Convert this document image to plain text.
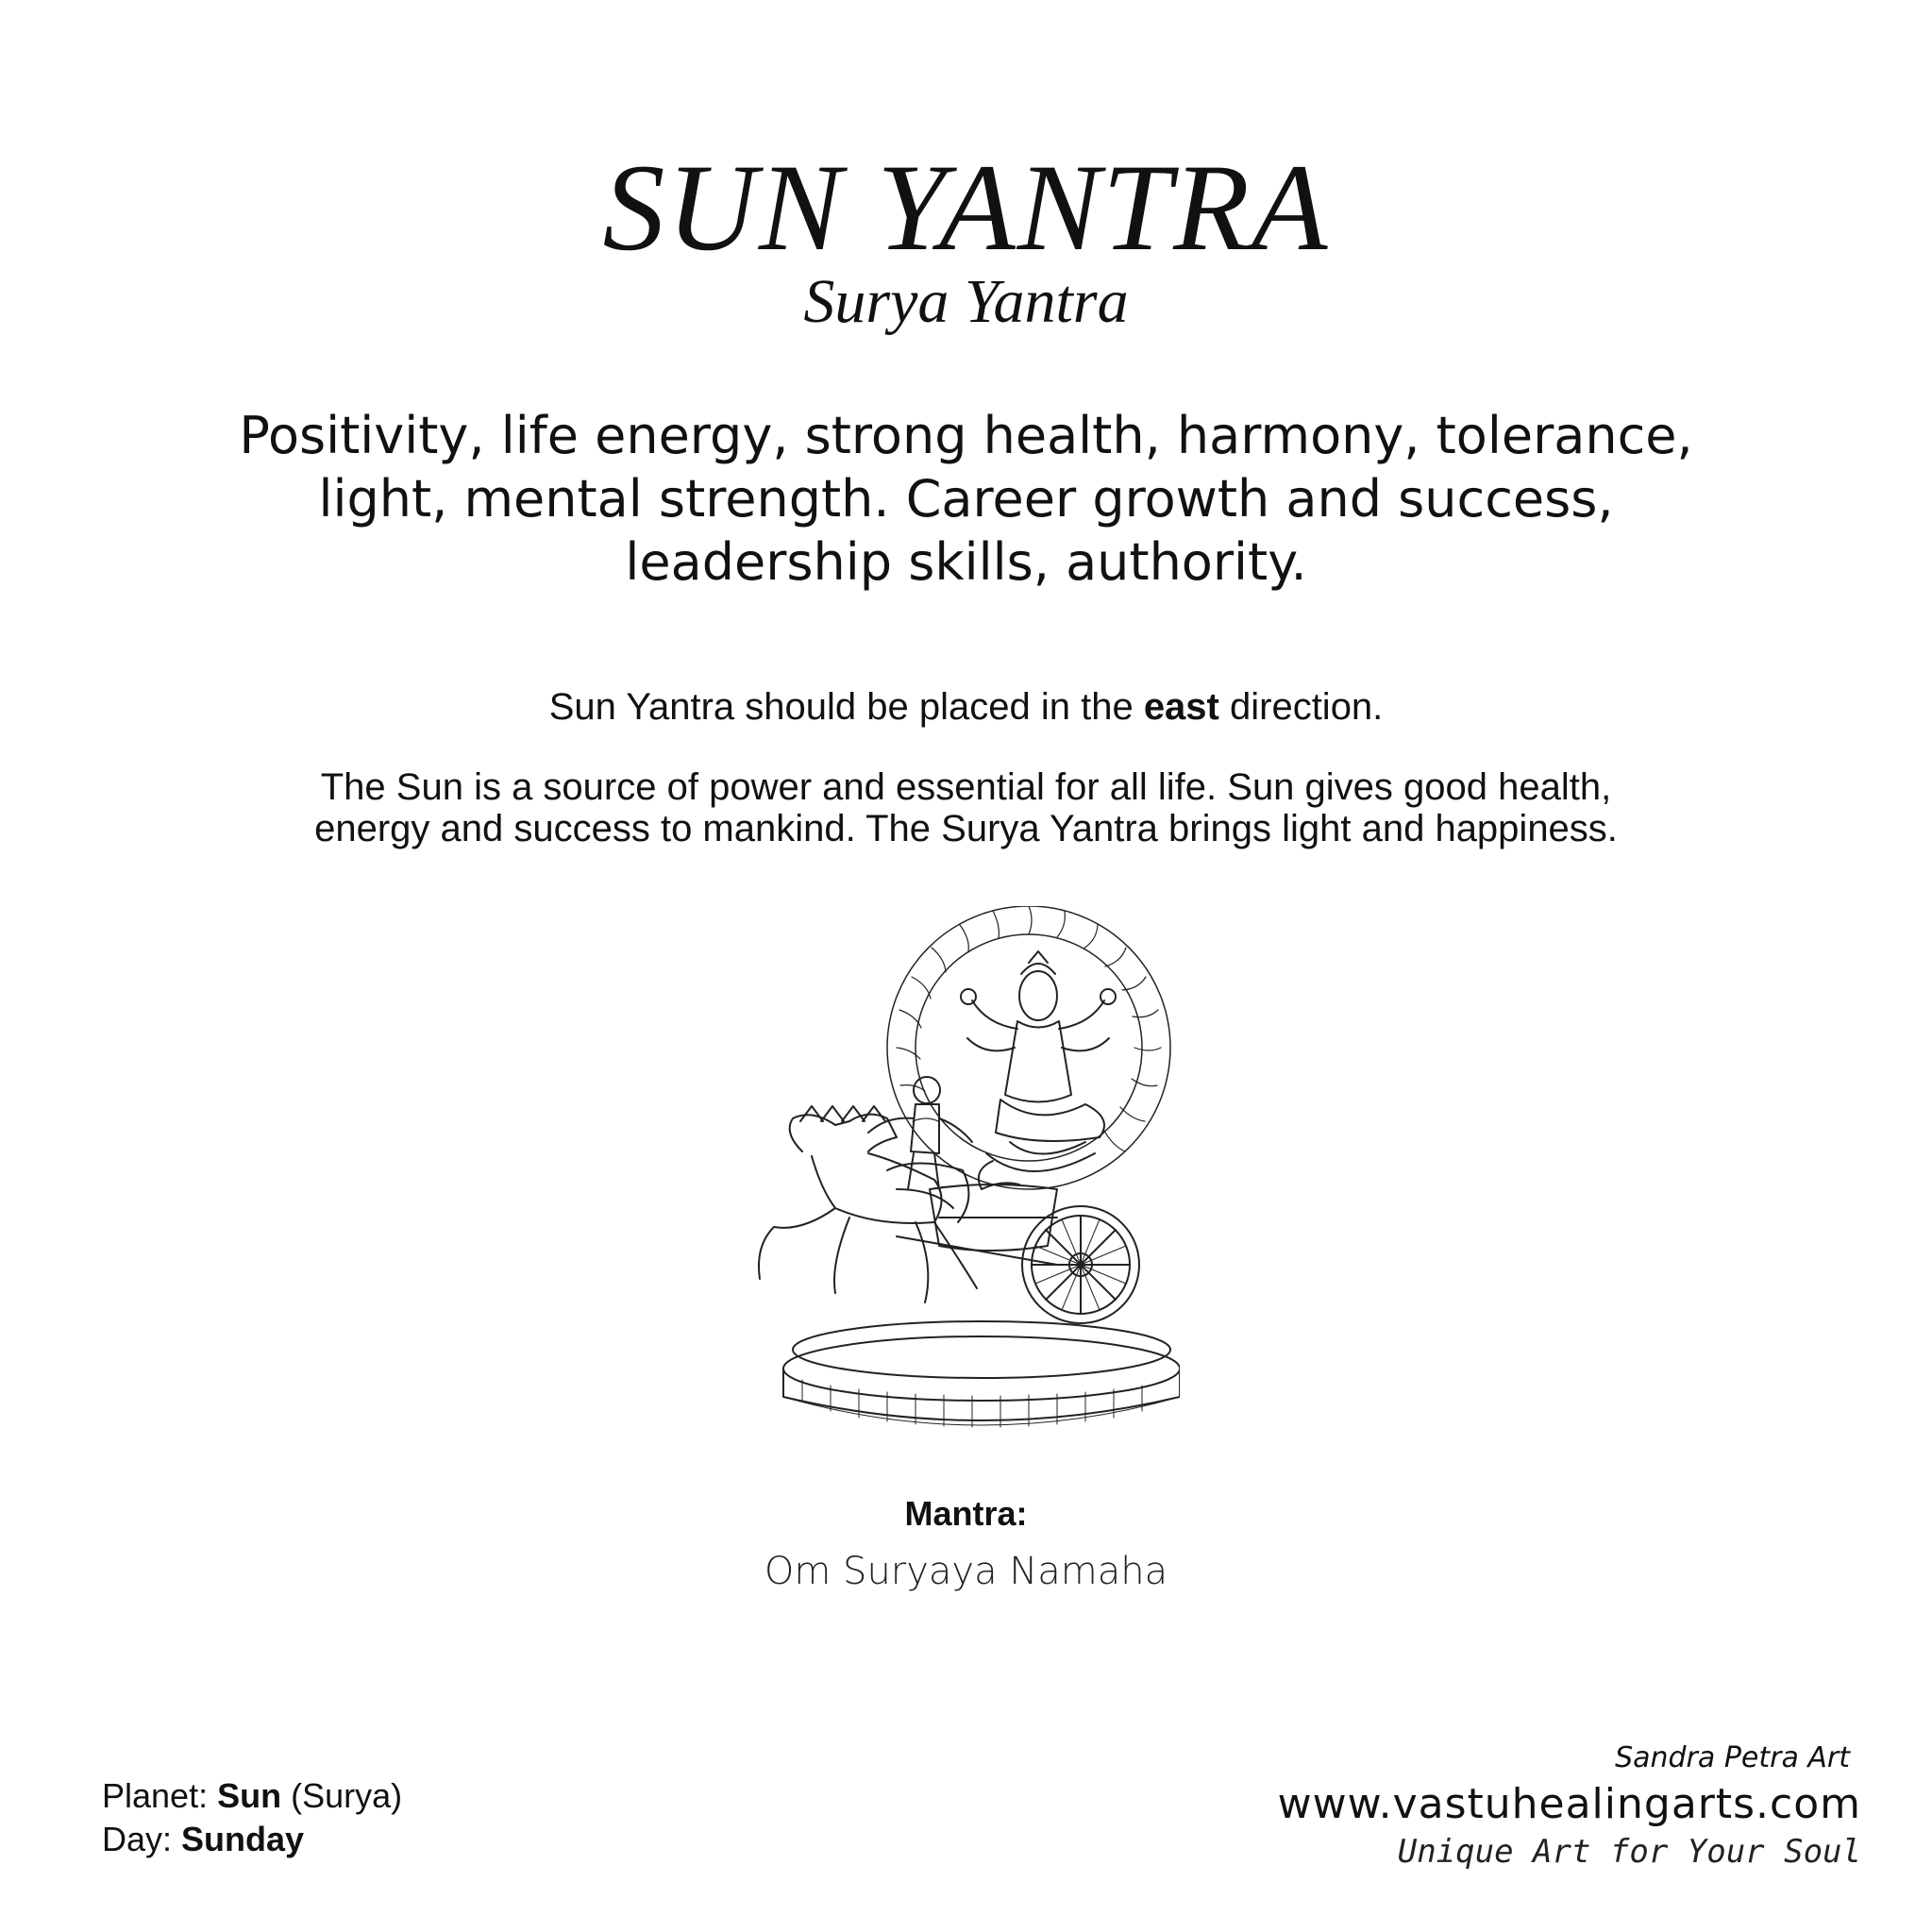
SUN YANTRA
Surya Yantra
Positivity, life energy, strong health, harmony, tolerance,
light, mental strength. Career growth and success,
leadership skills, authority.
Sun Yantra should be placed in the east direction.
The Sun is a source of power and essential for all life. Sun gives good health,
energy and success to mankind. The Surya Yantra brings light and happiness.
Mantra:
Om Suryaya Namaha
Planet: Sun (Surya)
Day: Sunday
Sandra Petra Art
www.vastuhealingarts.com
Unique Art for Your Soul
